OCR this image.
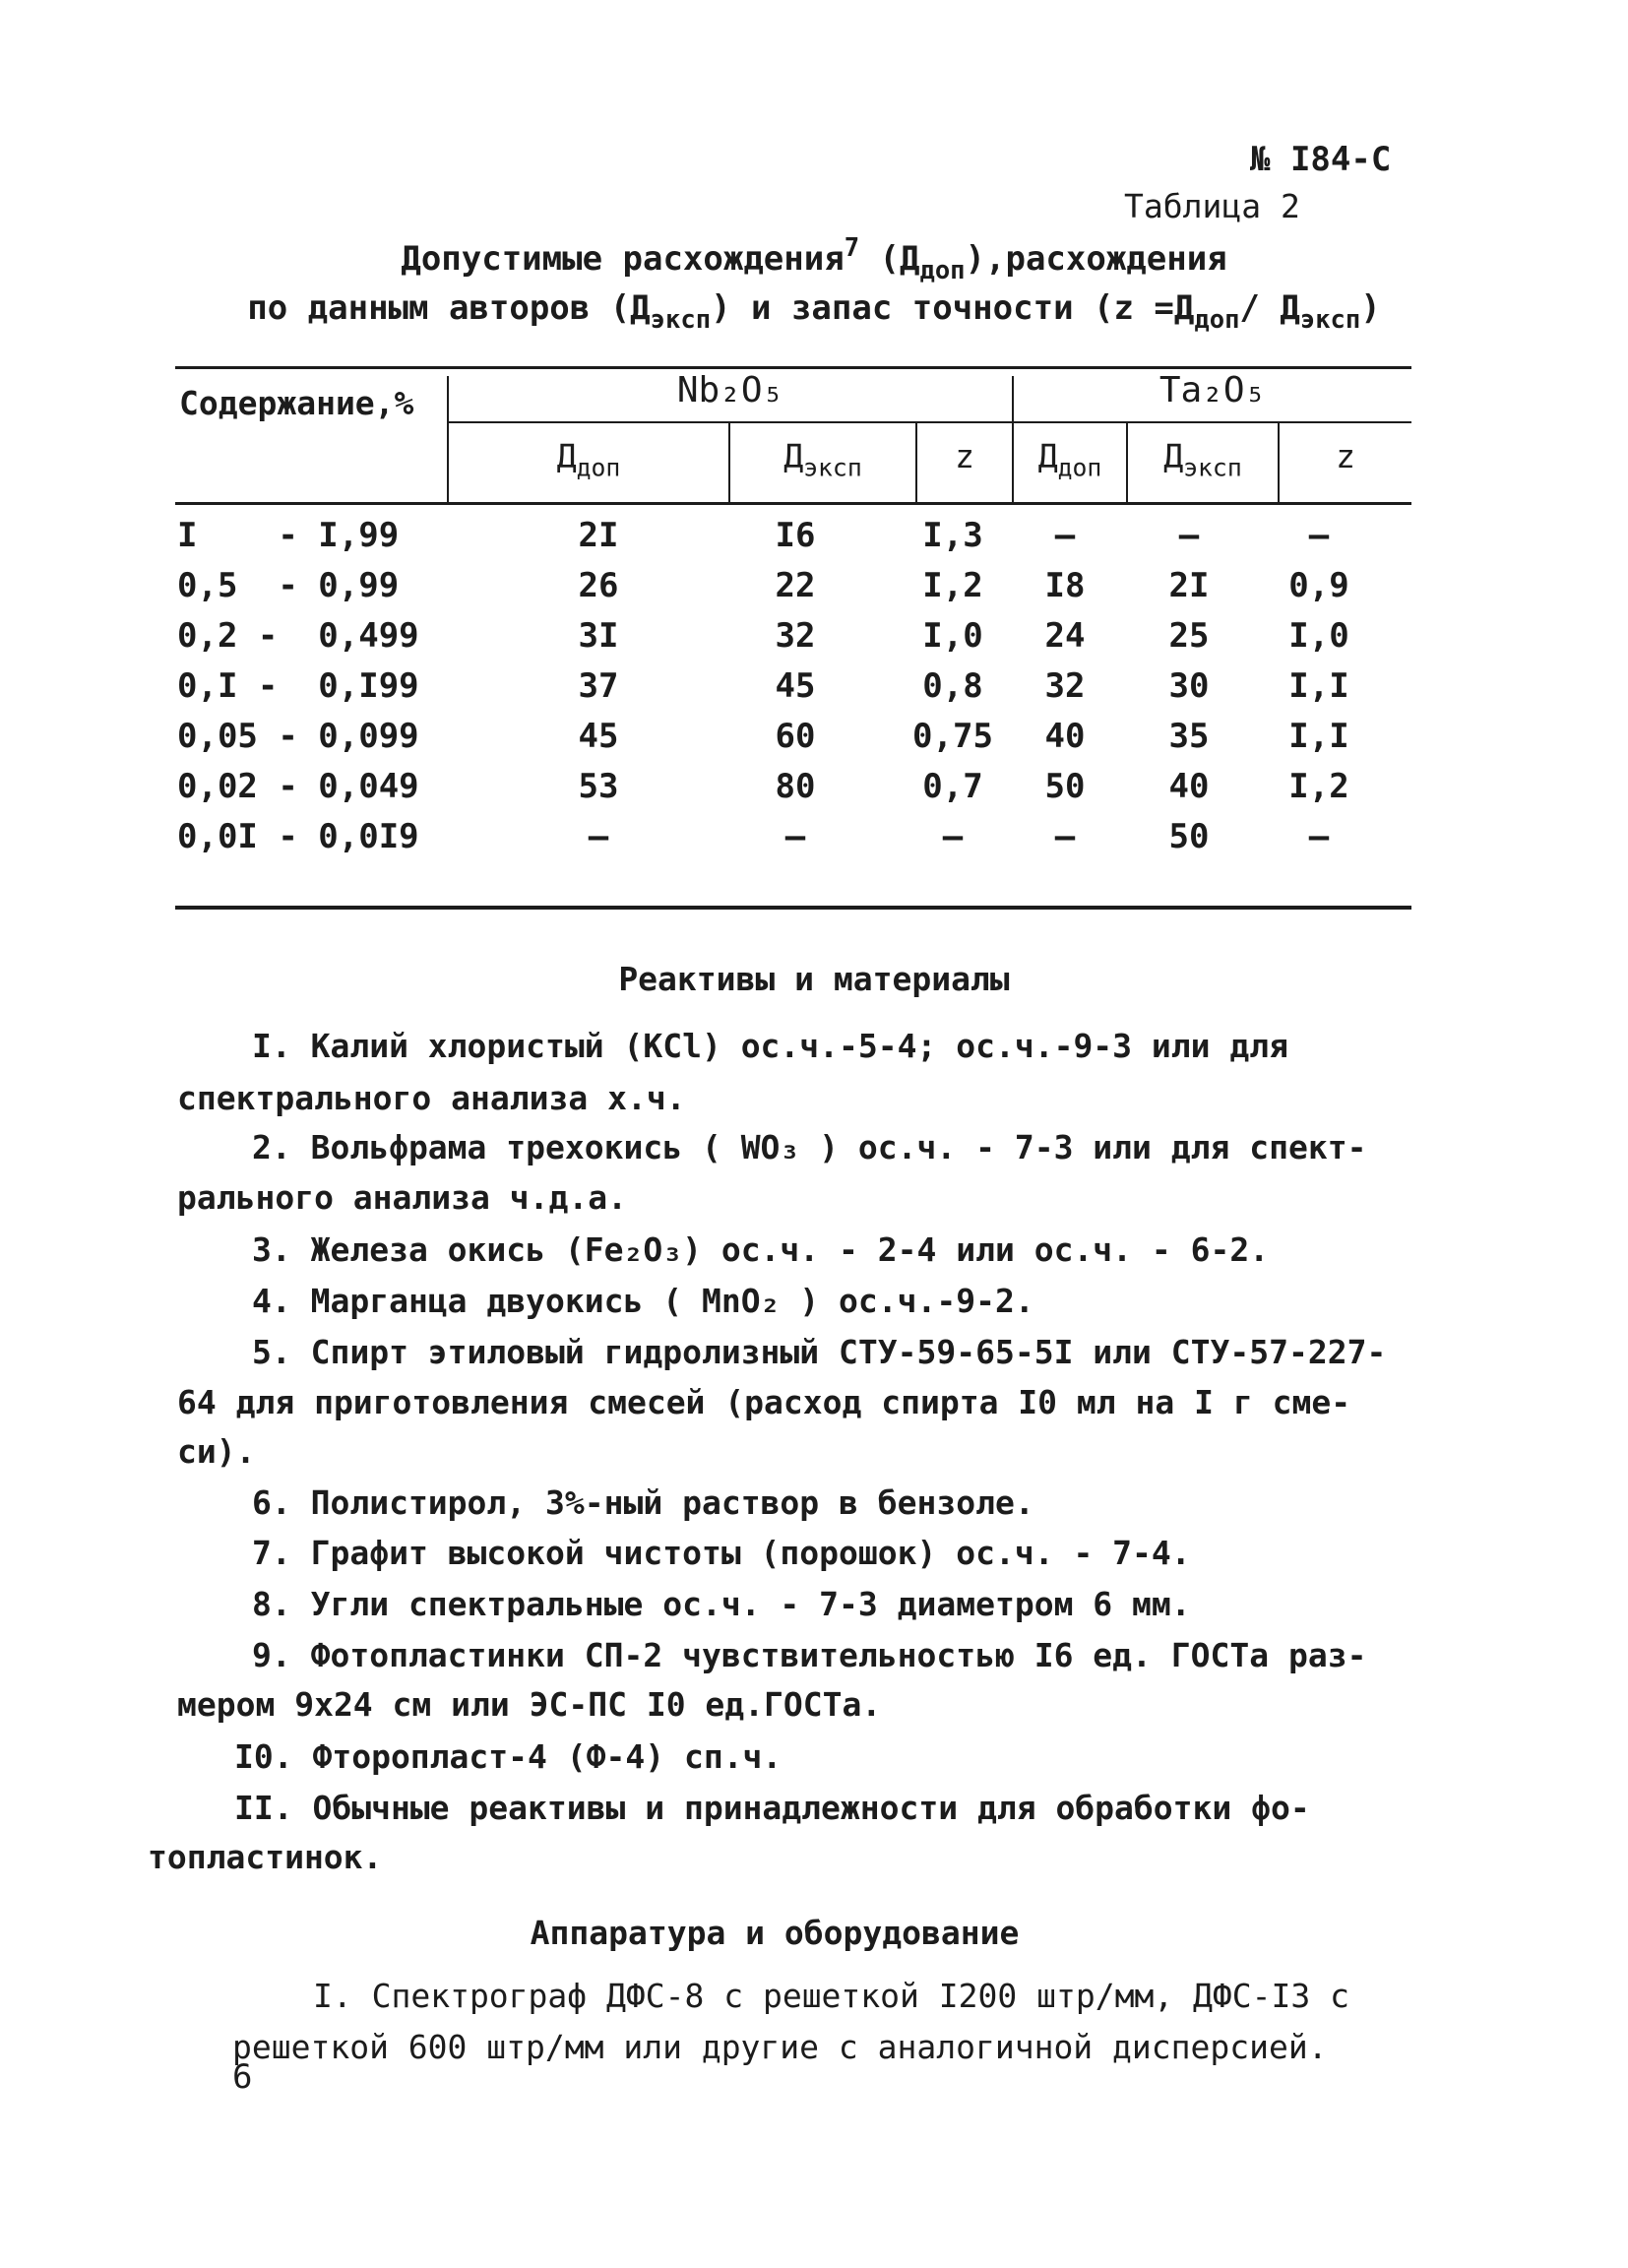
№ I84-С
Таблица 2
Допустимые расхождения$^7$ $(Д_{доп}),расхождения$
по данным авторов $(Д_{эксп})$ и запас точности ($z =Д_{доп}/$ $Д_{эксп}$)
Содержание,%	Nb₂O₅	Ta₂O₅
$Д_{доп}$	$Д_{эксп}$	z	$Д_{доп}$	$Д_{эксп}$	z
I    - I,99	2I	I6	I,3	–	–	–
0,5  - 0,99	26	22	I,2	I8	2I	0,9
0,2 -  0,499	3I	32	I,0	24	25	I,0
0,I -  0,I99	37	45	0,8	32	30	I,I
0,05 - 0,099	45	60	0,75	40	35	I,I
0,02 - 0,049	53	80	0,7	50	40	I,2
0,0I - 0,0I9	–	–	–	–	50	–
Реактивы и материалы
I. Калий хлористый (КСl) ос.ч.-5-4; ос.ч.-9-3 или для
спектрального анализа х.ч.
2. Вольфрама трехокись ( WO₃ ) ос.ч. - 7-3 или для спект-
рального анализа ч.д.а.
3. Железа окись (Fe₂O₃) ос.ч. - 2-4 или ос.ч. - 6-2.
4. Марганца двуокись ( MnO₂ ) ос.ч.-9-2.
5. Спирт этиловый гидролизный СТУ-59-65-5I или СТУ-57-227-
64 для приготовления смесей (расход спирта I0 мл на I г сме-
си).
6. Полистирол, 3%-ный раствор в бензоле.
7. Графит высокой чистоты (порошок) ос.ч. - 7-4.
8. Угли спектральные ос.ч. - 7-3 диаметром 6 мм.
9. Фотопластинки СП-2 чувствительностью I6 ед. ГОСТа раз-
мером 9х24 см или ЭС-ПС I0 ед.ГОСТа.
I0. Фторопласт-4 (Ф-4) сп.ч.
II. Обычные реактивы и принадлежности для обработки фо-
топластинок.
Аппаратура и оборудование
I. Спектрограф ДФС-8 с решеткой I200 штр/мм, ДФС-I3 с
решеткой 600 штр/мм или другие с аналогичной дисперсией.
6
